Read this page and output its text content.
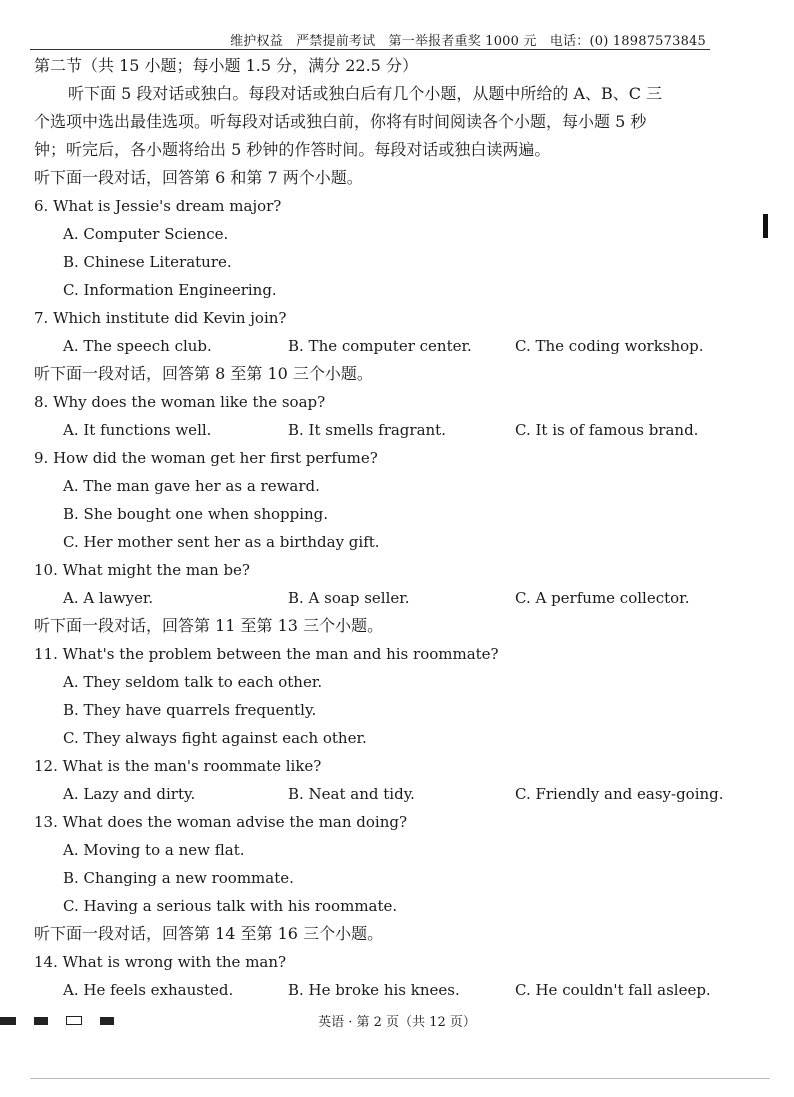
维护权益　严禁提前考试　第一举报者重奖 1000 元　电话：(0) 18987573845
第二节（共 15 小题；每小题 1.5 分，满分 22.5 分）
听下面 5 段对话或独白。每段对话或独白后有几个小题，从题中所给的 A、B、C 三
个选项中选出最佳选项。听每段对话或独白前，你将有时间阅读各个小题，每小题 5 秒
钟；听完后，各小题将给出 5 秒钟的作答时间。每段对话或独白读两遍。
听下面一段对话，回答第 6 和第 7 两个小题。
6. What is Jessie's dream major?
A. Computer Science.
B. Chinese Literature.
C. Information Engineering.
7. Which institute did Kevin join?
A. The speech club.	B. The computer center.	C. The coding workshop.
听下面一段对话，回答第 8 至第 10 三个小题。
8. Why does the woman like the soap?
A. It functions well.	B. It smells fragrant.	C. It is of famous brand.
9. How did the woman get her first perfume?
A. The man gave her as a reward.
B. She bought one when shopping.
C. Her mother sent her as a birthday gift.
10. What might the man be?
A. A lawyer.	B. A soap seller.	C. A perfume collector.
听下面一段对话，回答第 11 至第 13 三个小题。
11. What's the problem between the man and his roommate?
A. They seldom talk to each other.
B. They have quarrels frequently.
C. They always fight against each other.
12. What is the man's roommate like?
A. Lazy and dirty.	B. Neat and tidy.	C. Friendly and easy-going.
13. What does the woman advise the man doing?
A. Moving to a new flat.
B. Changing a new roommate.
C. Having a serious talk with his roommate.
听下面一段对话，回答第 14 至第 16 三个小题。
14. What is wrong with the man?
A. He feels exhausted.	B. He broke his knees.	C. He couldn't fall asleep.
英语 · 第 2 页（共 12 页）
